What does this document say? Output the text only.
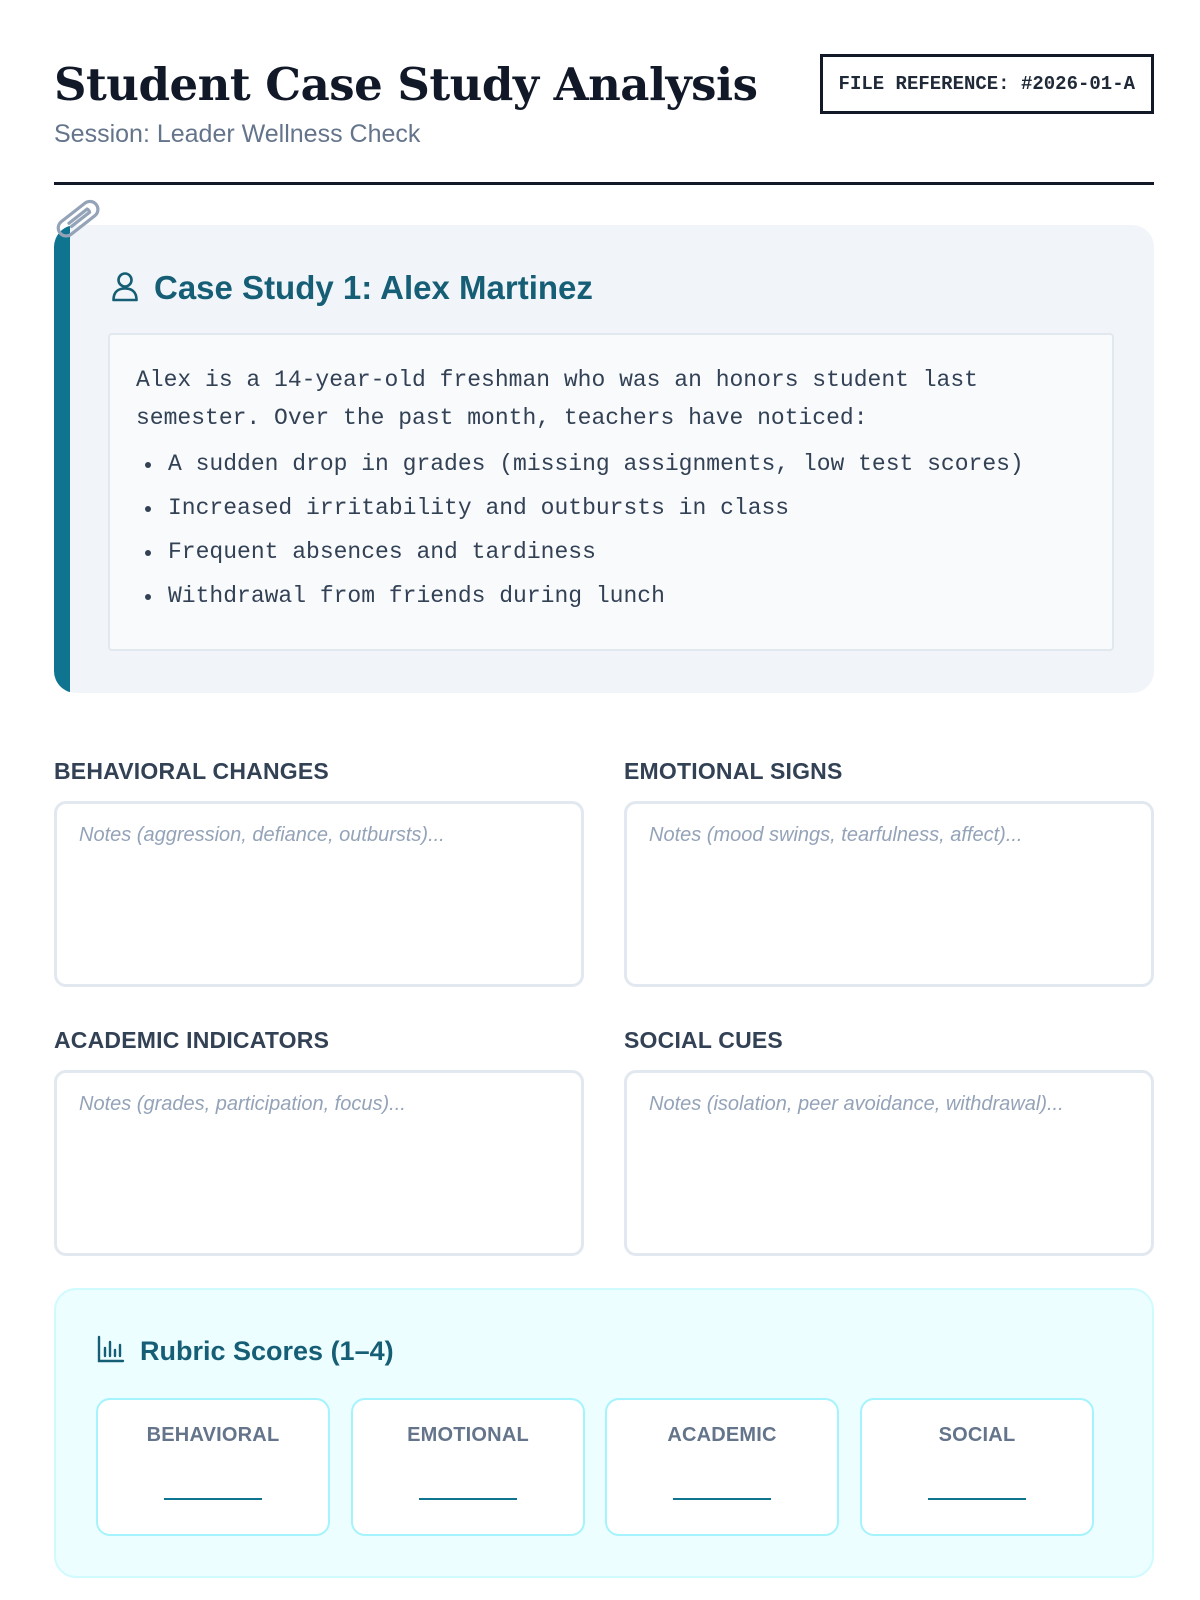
Student Case Study Analysis
Session: Leader Wellness Check
FILE REFERENCE: #2026-01-A
Case Study 1: Alex Martinez
Alex is a 14-year-old freshman who was an honors student last semester. Over the past month, teachers have noticed:
A sudden drop in grades (missing assignments, low test scores)
Increased irritability and outbursts in class
Frequent absences and tardiness
Withdrawal from friends during lunch
BEHAVIORAL CHANGES
Notes (aggression, defiance, outbursts)...	EMOTIONAL SIGNS
Notes (mood swings, tearfulness, affect)...
ACADEMIC INDICATORS
Notes (grades, participation, focus)...	SOCIAL CUES
Notes (isolation, peer avoidance, withdrawal)...
Rubric Scores (1–4)
BEHAVIORAL	EMOTIONAL	ACADEMIC	SOCIAL
